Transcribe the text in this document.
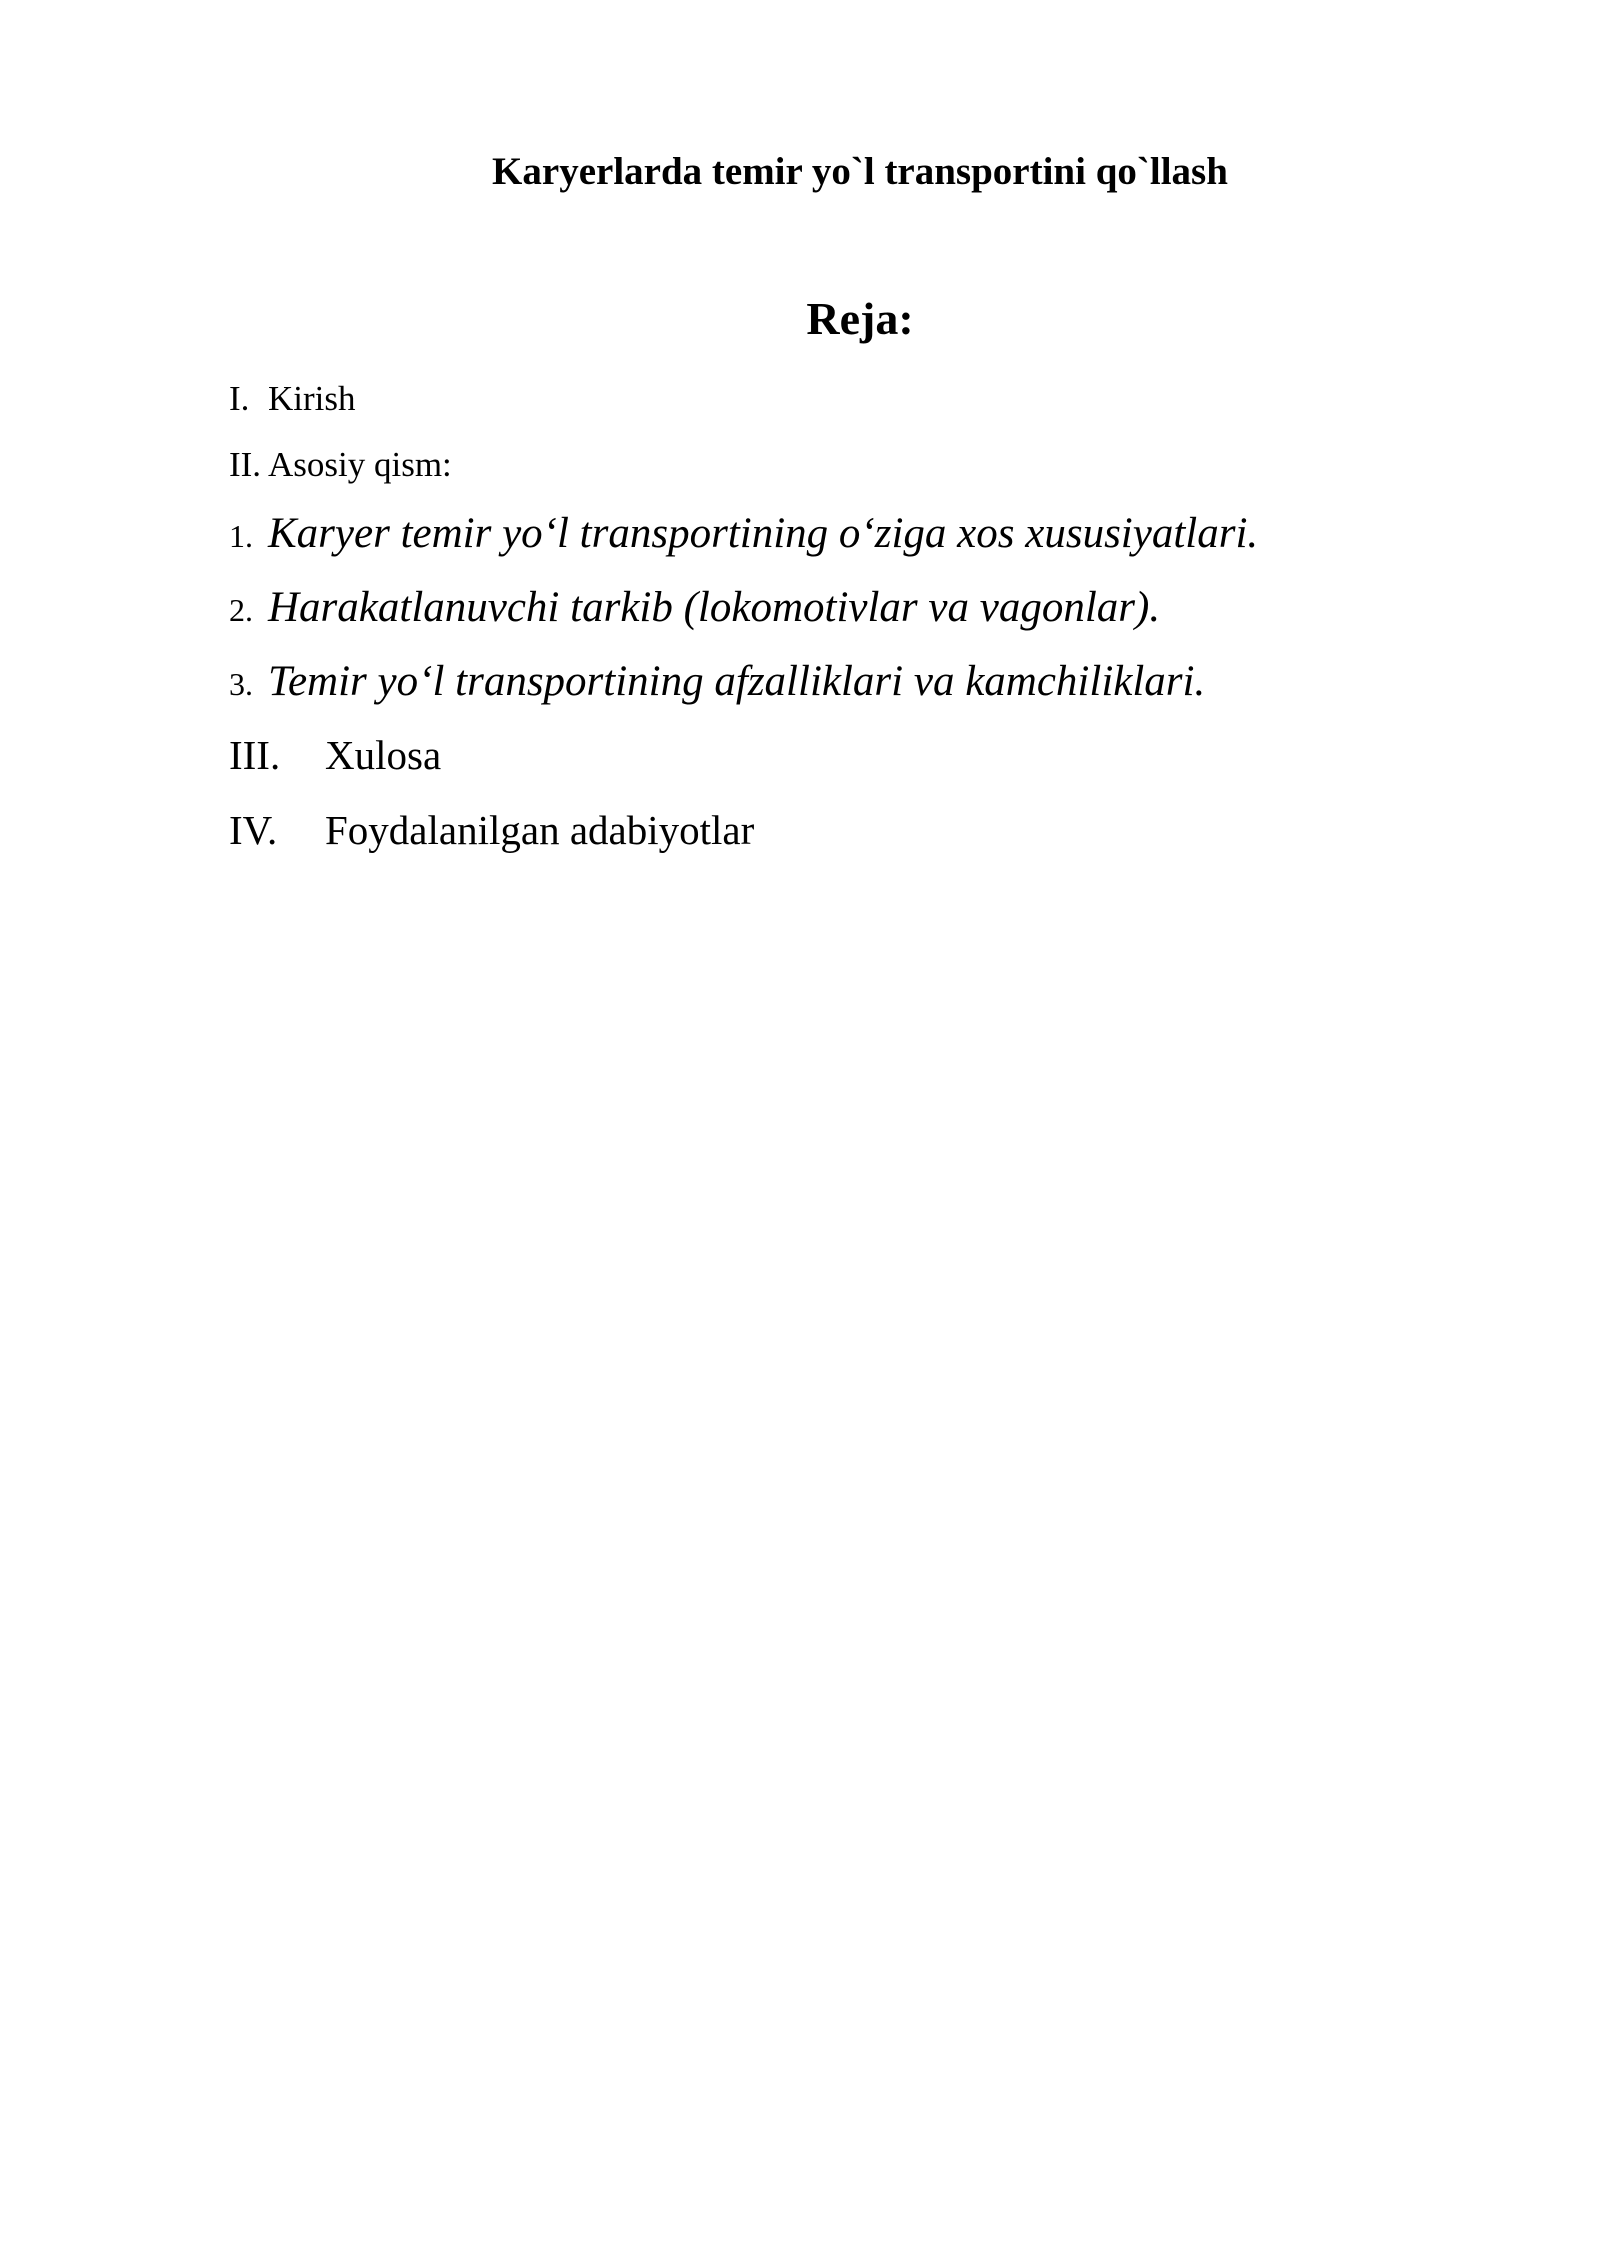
Karyerlarda temir yo`l transportini qo`llash
Reja:
I. Kirish
II. Asosiy qism:
1. Karyer temir yo‘l transportining o‘ziga xos xususiyatlari.
2. Harakatlanuvchi tarkib (lokomotivlar va vagonlar).
3. Temir yo‘l transportining afzalliklari va kamchiliklari.
III. Xulosa
IV. Foydalanilgan adabiyotlar
